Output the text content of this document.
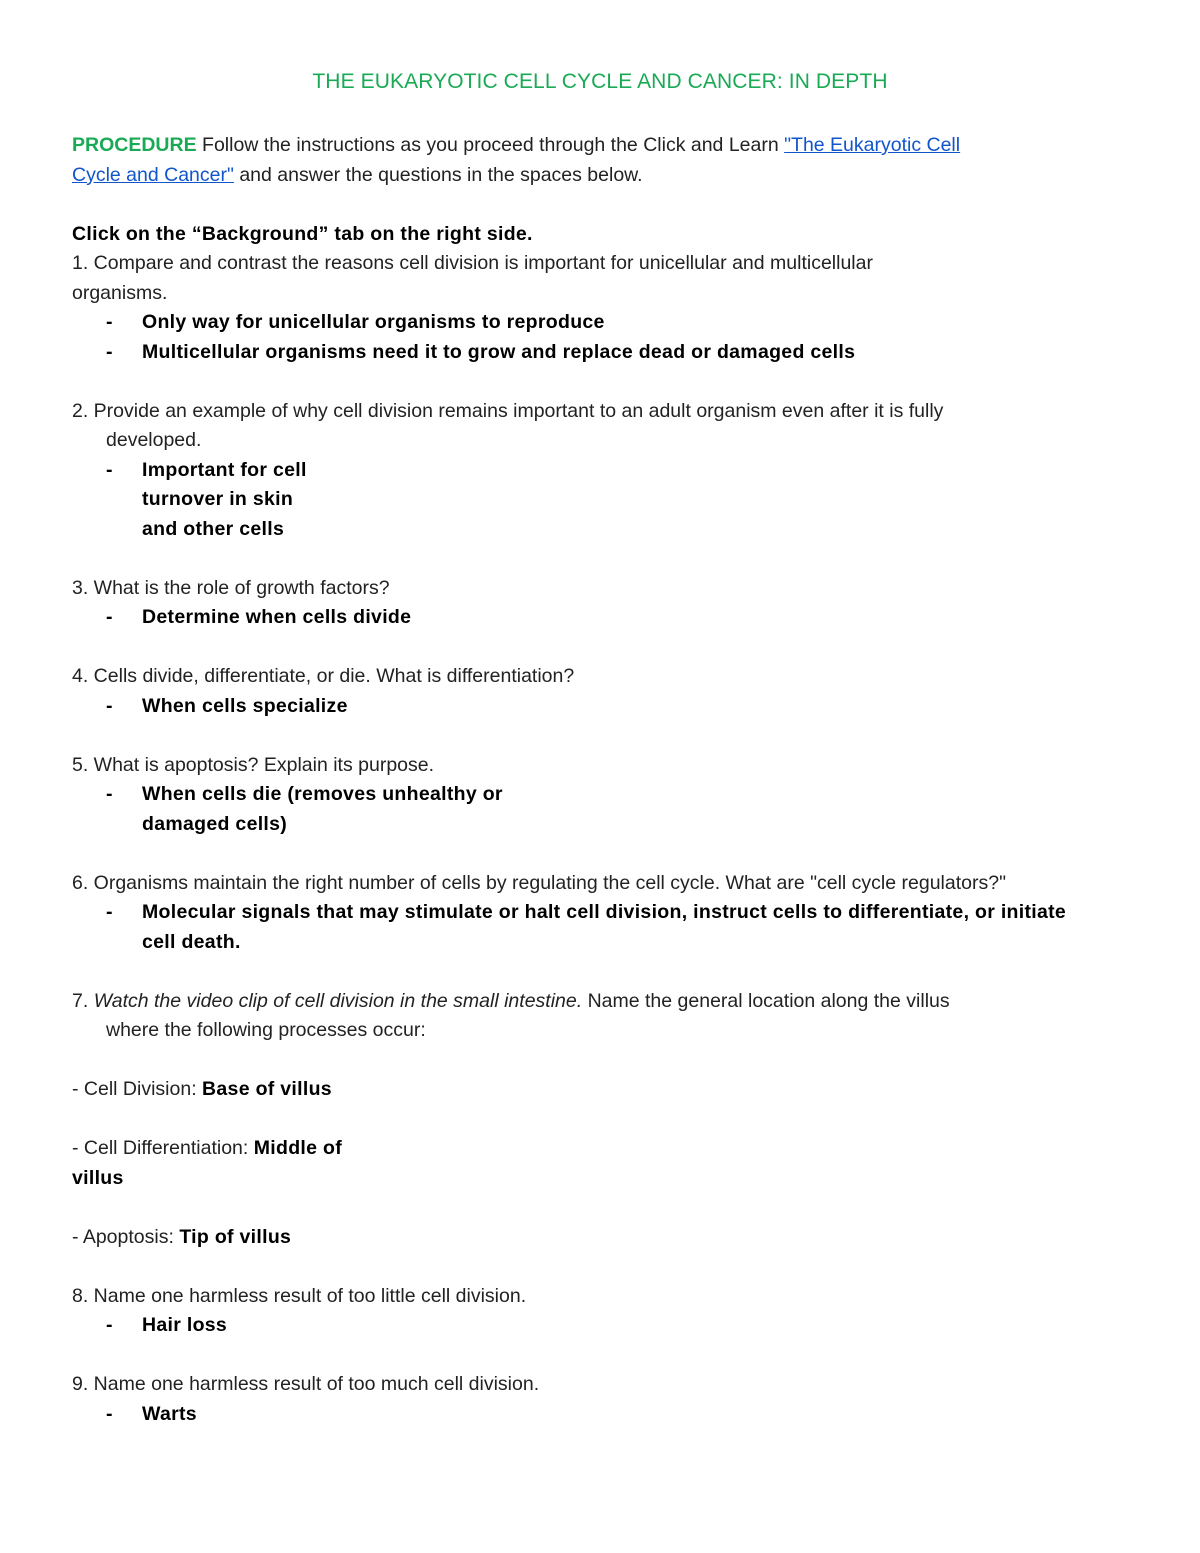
THE EUKARYOTIC CELL CYCLE AND CANCER: IN DEPTH
PROCEDURE Follow the instructions as you proceed through the Click and Learn "The Eukaryotic Cell
Cycle and Cancer" and answer the questions in the spaces below.
Click on the “Background” tab on the right side.
1. Compare and contrast the reasons cell division is important for unicellular and multicellular
organisms.
-	Only way for unicellular organisms to reproduce
-	Multicellular organisms need it to grow and replace dead or damaged cells
2. Provide an example of why cell division remains important to an adult organism even after it is fully
developed.
-	Important for cell
turnover in skin
and other cells
3. What is the role of growth factors?
-	Determine when cells divide
4. Cells divide, differentiate, or die. What is differentiation?
-	When cells specialize
5. What is apoptosis? Explain its purpose.
-	When cells die (removes unhealthy or
damaged cells)
6. Organisms maintain the right number of cells by regulating the cell cycle. What are "cell cycle regulators?"
-	Molecular signals that may stimulate or halt cell division, instruct cells to differentiate, or initiate
cell death.
7. Watch the video clip of cell division in the small intestine. Name the general location along the villus
where the following processes occur:
- Cell Division: Base of villus
- Cell Differentiation: Middle of
villus
- Apoptosis: Tip of villus
8. Name one harmless result of too little cell division.
-	Hair loss
9. Name one harmless result of too much cell division.
-	Warts
